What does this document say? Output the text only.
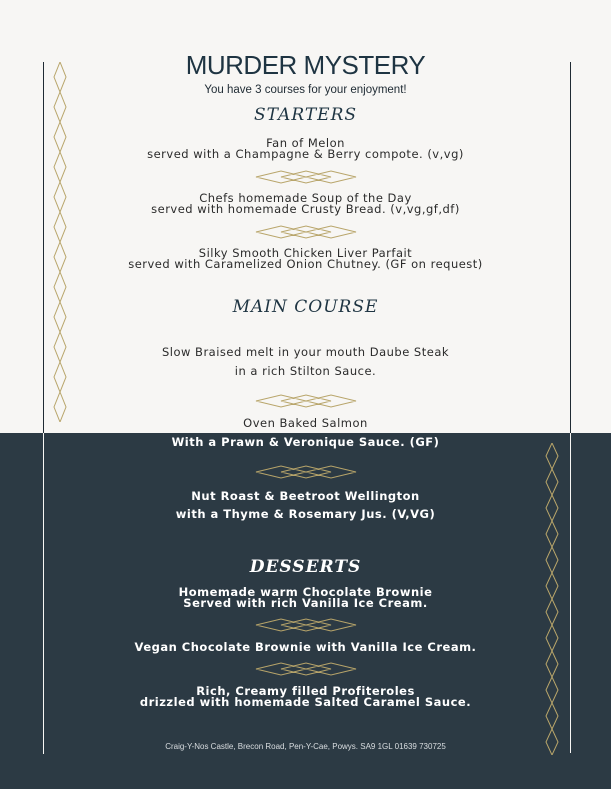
MURDER MYSTERY
You have 3 courses for your enjoyment!
STARTERS
Fan of Melon
served with a Champagne & Berry compote. (v,vg)
Chefs homemade Soup of the Day
served with homemade Crusty Bread. (v,vg,gf,df)
Silky Smooth Chicken Liver Parfait
served with Caramelized Onion Chutney. (GF on request)
MAIN COURSE
Slow Braised melt in your mouth Daube Steak
in a rich Stilton Sauce.
Oven Baked Salmon
With a Prawn & Veronique Sauce. (GF)
Nut Roast & Beetroot Wellington
with a Thyme & Rosemary Jus. (V,VG)
DESSERTS
Homemade warm Chocolate Brownie
Served with rich Vanilla Ice Cream.
Vegan Chocolate Brownie with Vanilla Ice Cream.
Rich, Creamy filled Profiteroles
drizzled with homemade Salted Caramel Sauce.
Craig-Y-Nos Castle, Brecon Road, Pen-Y-Cae, Powys. SA9 1GL 01639 730725
